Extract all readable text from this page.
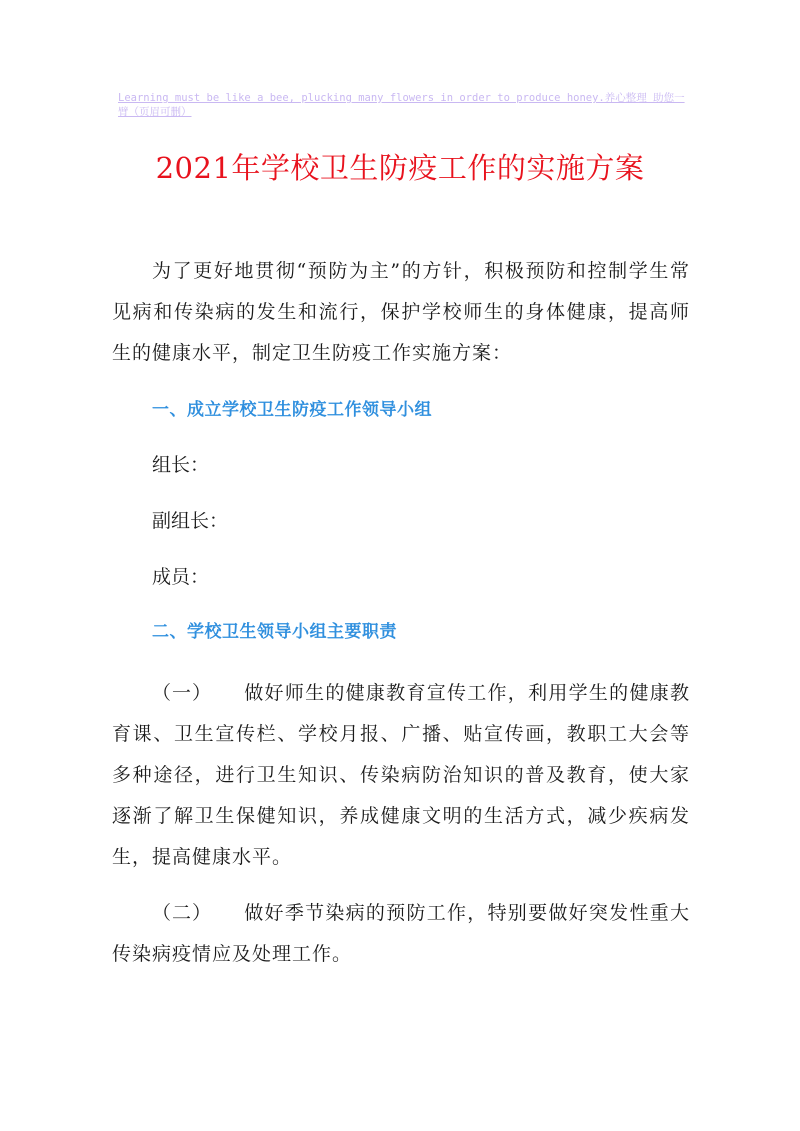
Learning must be like a bee, plucking many flowers in order to produce honey.养心整理 助您一臂（页眉可删）
2021年学校卫生防疫工作的实施方案
为了更好地贯彻“预防为主”的方针，积极预防和控制学生常见病和传染病的发生和流行，保护学校师生的身体健康，提高师生的健康水平，制定卫生防疫工作实施方案：
一、成立学校卫生防疫工作领导小组
组长：
副组长：
成员：
二、学校卫生领导小组主要职责
（一） 做好师生的健康教育宣传工作，利用学生的健康教育课、卫生宣传栏、学校月报、广播、贴宣传画，教职工大会等多种途径，进行卫生知识、传染病防治知识的普及教育，使大家逐渐了解卫生保健知识，养成健康文明的生活方式，减少疾病发生，提高健康水平。
（二） 做好季节染病的预防工作，特别要做好突发性重大传染病疫情应及处理工作。
